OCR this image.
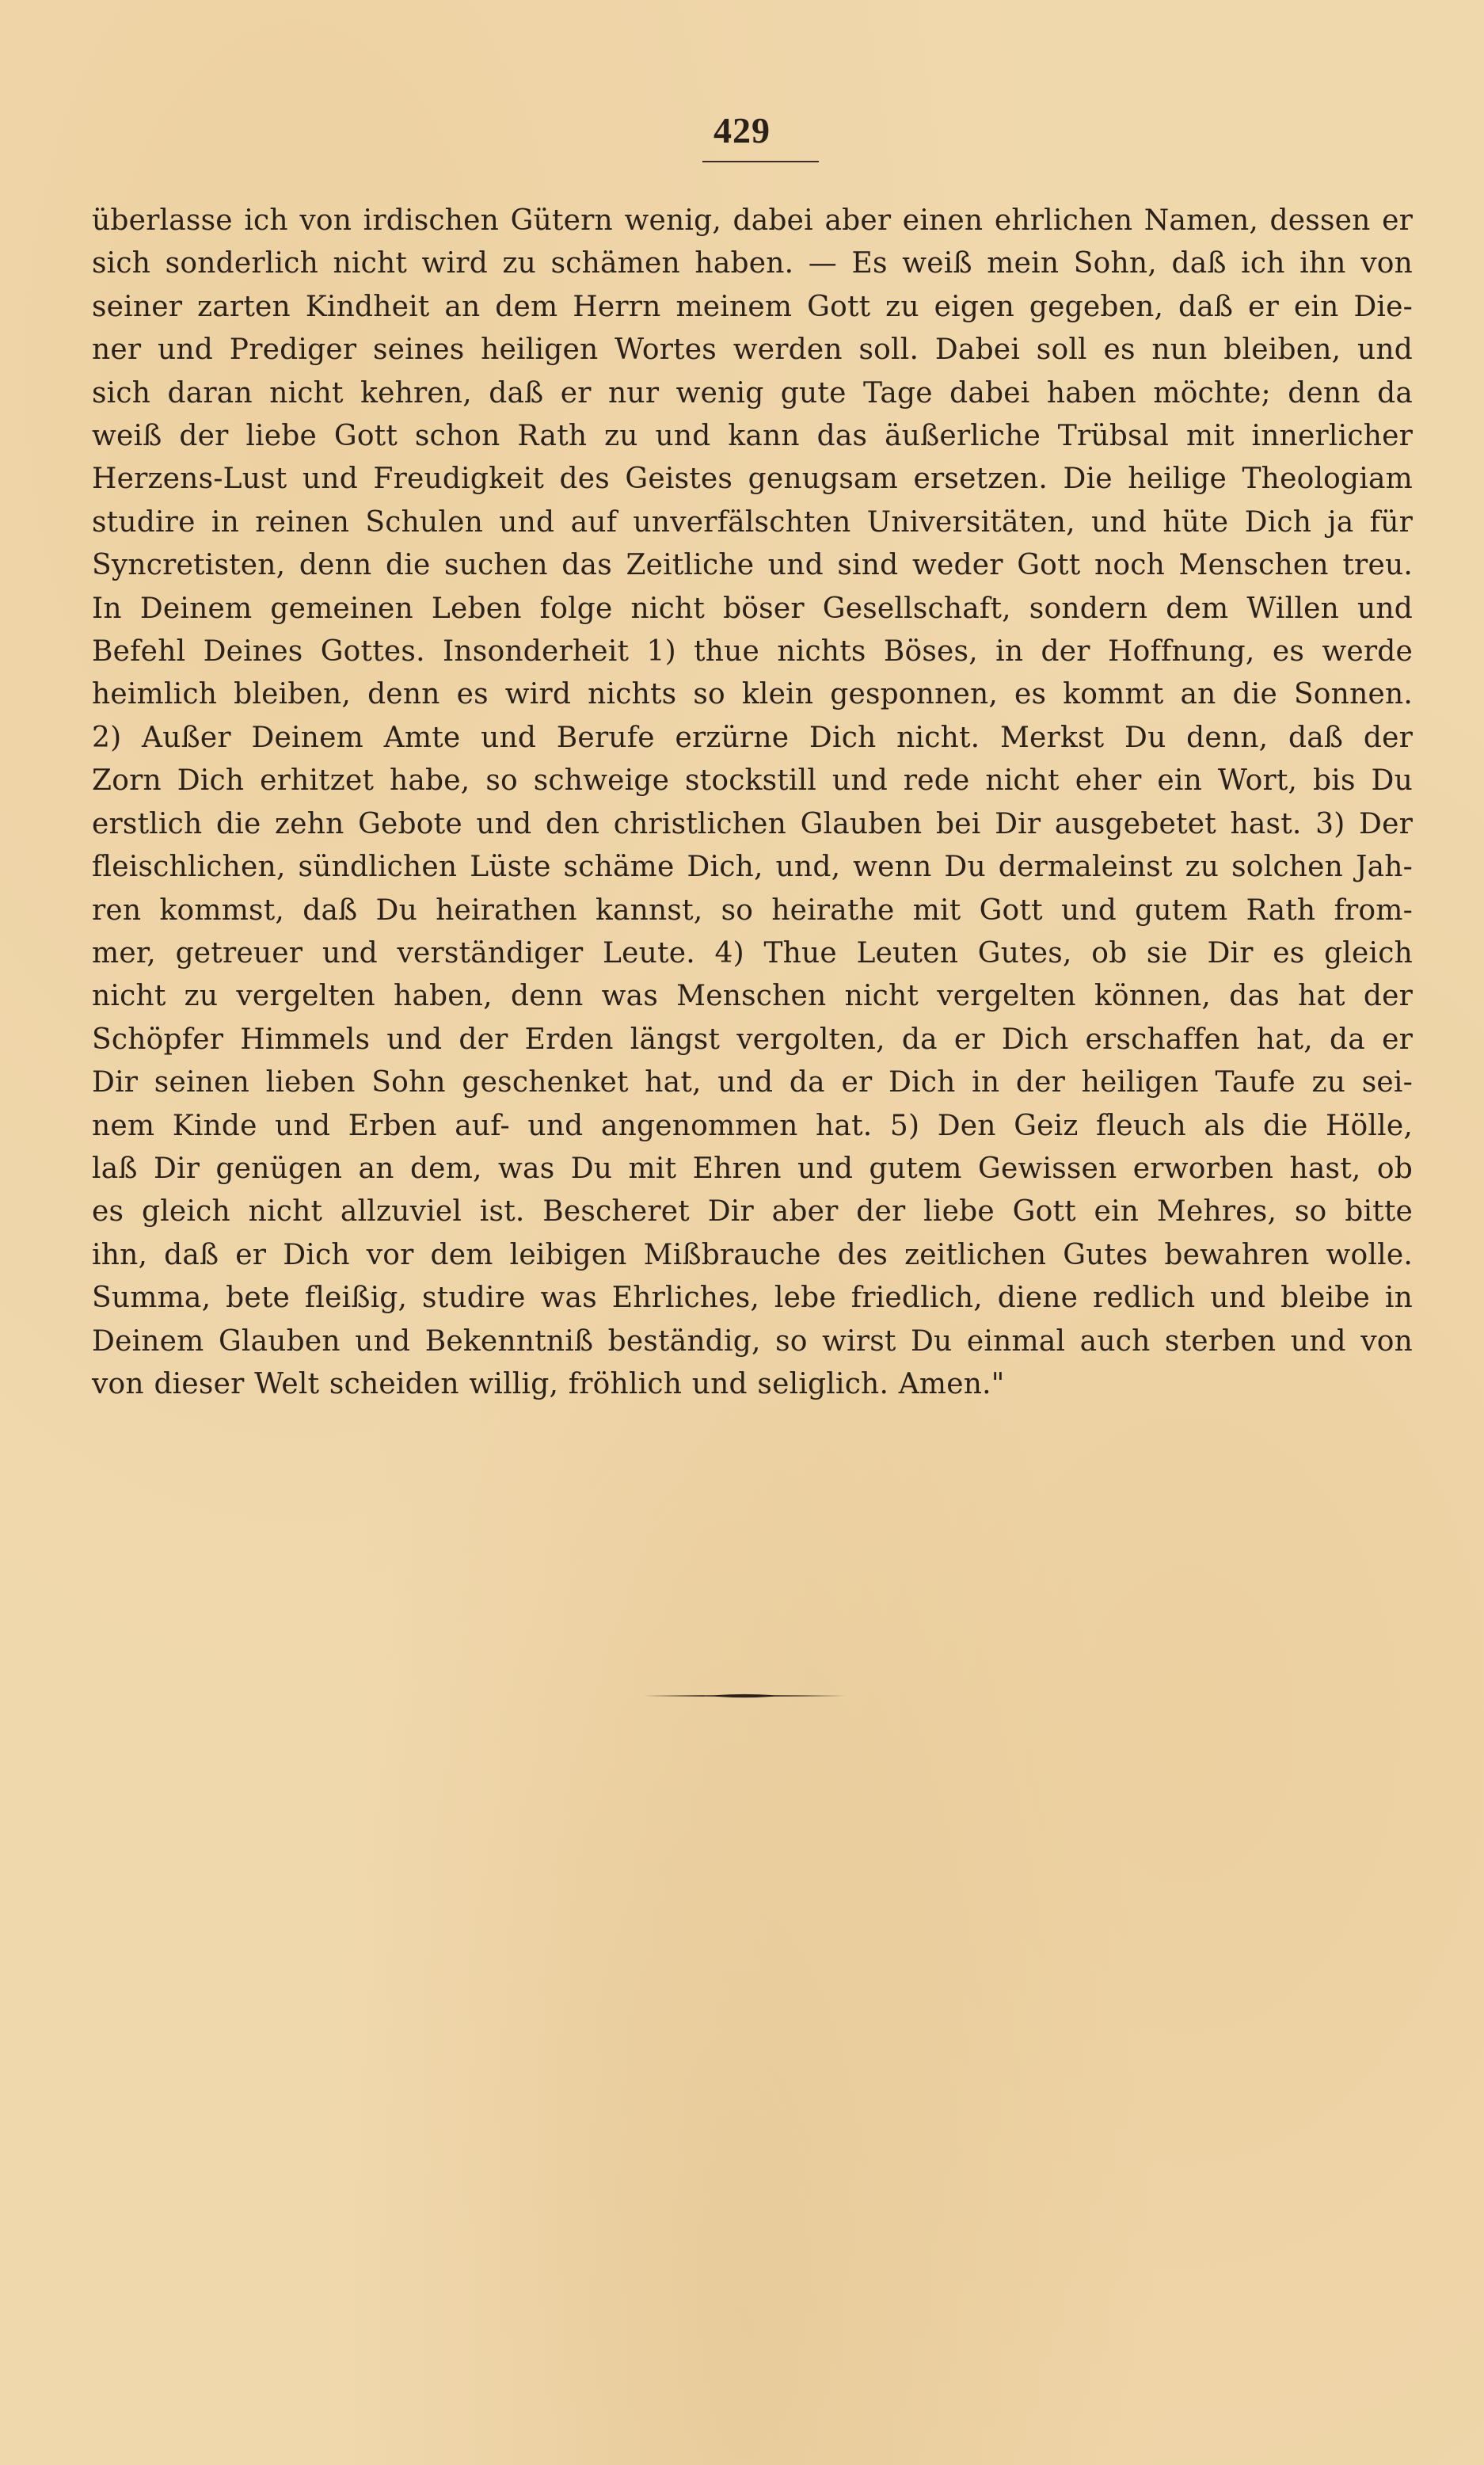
429
überlasse ich von irdischen Gütern wenig, dabei aber einen ehrlichen Namen, dessen er
sich sonderlich nicht wird zu schämen haben. — Es weiß mein Sohn, daß ich ihn von
seiner zarten Kindheit an dem Herrn meinem Gott zu eigen gegeben, daß er ein Die-
ner und Prediger seines heiligen Wortes werden soll. Dabei soll es nun bleiben, und
sich daran nicht kehren, daß er nur wenig gute Tage dabei haben möchte; denn da
weiß der liebe Gott schon Rath zu und kann das äußerliche Trübsal mit innerlicher
Herzens-Lust und Freudigkeit des Geistes genugsam ersetzen. Die heilige Theologiam
studire in reinen Schulen und auf unverfälschten Universitäten, und hüte Dich ja für
Syncretisten, denn die suchen das Zeitliche und sind weder Gott noch Menschen treu.
In Deinem gemeinen Leben folge nicht böser Gesellschaft, sondern dem Willen und
Befehl Deines Gottes. Insonderheit 1) thue nichts Böses, in der Hoffnung, es werde
heimlich bleiben, denn es wird nichts so klein gesponnen, es kommt an die Sonnen.
2) Außer Deinem Amte und Berufe erzürne Dich nicht. Merkst Du denn, daß der
Zorn Dich erhitzet habe, so schweige stockstill und rede nicht eher ein Wort, bis Du
erstlich die zehn Gebote und den christlichen Glauben bei Dir ausgebetet hast. 3) Der
fleischlichen, sündlichen Lüste schäme Dich, und, wenn Du dermaleinst zu solchen Jah-
ren kommst, daß Du heirathen kannst, so heirathe mit Gott und gutem Rath from-
mer, getreuer und verständiger Leute. 4) Thue Leuten Gutes, ob sie Dir es gleich
nicht zu vergelten haben, denn was Menschen nicht vergelten können, das hat der
Schöpfer Himmels und der Erden längst vergolten, da er Dich erschaffen hat, da er
Dir seinen lieben Sohn geschenket hat, und da er Dich in der heiligen Taufe zu sei-
nem Kinde und Erben auf- und angenommen hat. 5) Den Geiz fleuch als die Hölle,
laß Dir genügen an dem, was Du mit Ehren und gutem Gewissen erworben hast, ob
es gleich nicht allzuviel ist. Bescheret Dir aber der liebe Gott ein Mehres, so bitte
ihn, daß er Dich vor dem leibigen Mißbrauche des zeitlichen Gutes bewahren wolle.
Summa, bete fleißig, studire was Ehrliches, lebe friedlich, diene redlich und bleibe in
Deinem Glauben und Bekenntniß beständig, so wirst Du einmal auch sterben und von
von dieser Welt scheiden willig, fröhlich und seliglich. Amen."
